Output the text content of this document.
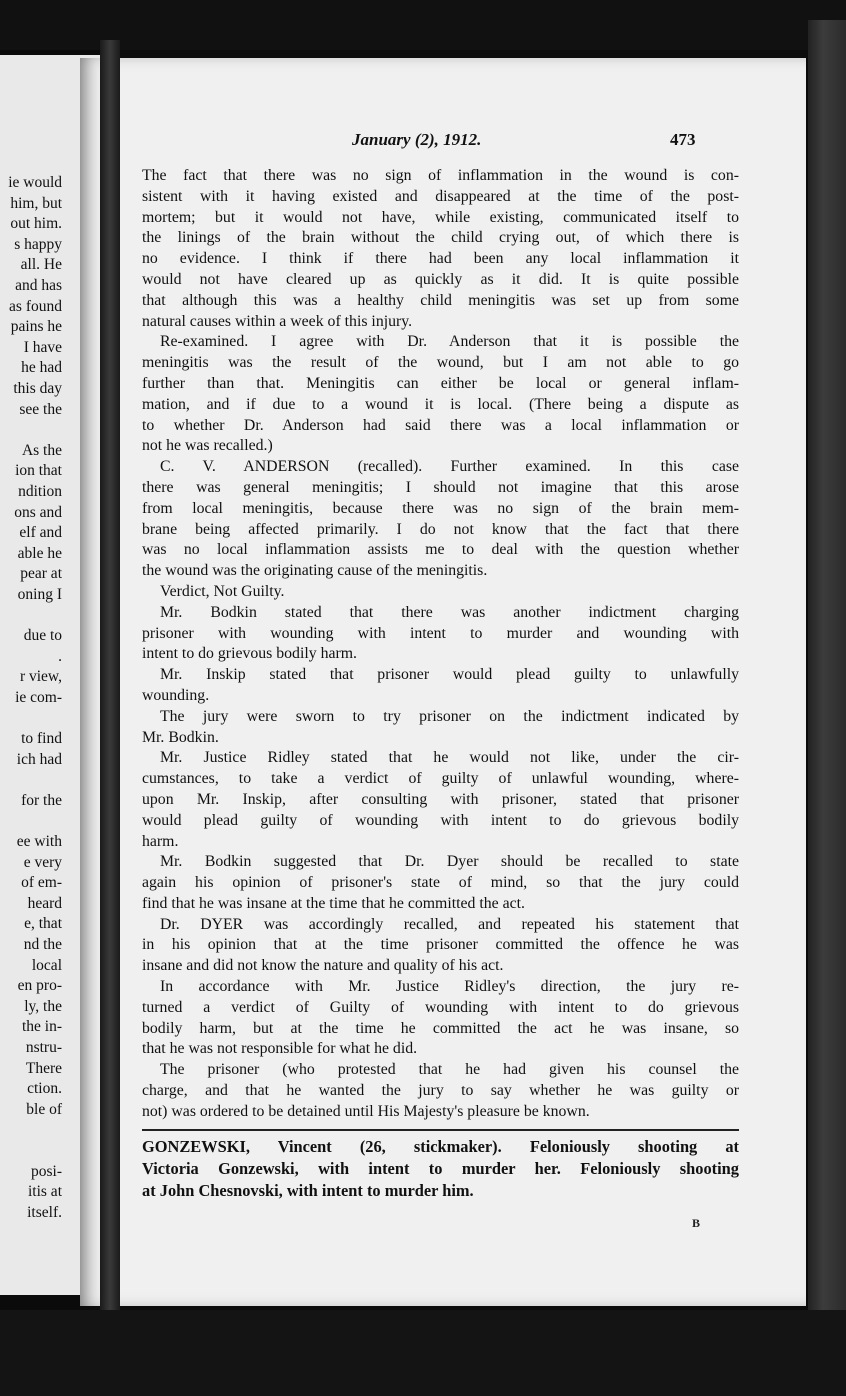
ie would
him, but
out him.
s happy
all. He
and has
as found
pains he
I have
he had
this day
see the
As the
ion that
ndition
ons and
elf and
able he
pear at
oning I
due to
.
r view,
ie com-
to find
ich had
for the
ee with
e very
of em-
heard
e, that
nd the
local
en pro-
ly, the
the in-
nstru-
There
ction.
ble of
posi-
itis at
itself.
January (2), 1912.	473
The fact that there was no sign of inflammation in the wound is con-
sistent with it having existed and disappeared at the time of the post-
mortem; but it would not have, while existing, communicated itself to
the linings of the brain without the child crying out, of which there is
no evidence. I think if there had been any local inflammation it
would not have cleared up as quickly as it did. It is quite possible
that although this was a healthy child meningitis was set up from some
natural causes within a week of this injury.
Re-examined. I agree with Dr. Anderson that it is possible the
meningitis was the result of the wound, but I am not able to go
further than that. Meningitis can either be local or general inflam-
mation, and if due to a wound it is local. (There being a dispute as
to whether Dr. Anderson had said there was a local inflammation or
not he was recalled.)
C. V. ANDERSON (recalled). Further examined. In this case
there was general meningitis; I should not imagine that this arose
from local meningitis, because there was no sign of the brain mem-
brane being affected primarily. I do not know that the fact that there
was no local inflammation assists me to deal with the question whether
the wound was the originating cause of the meningitis.
Verdict, Not Guilty.
Mr. Bodkin stated that there was another indictment charging
prisoner with wounding with intent to murder and wounding with
intent to do grievous bodily harm.
Mr. Inskip stated that prisoner would plead guilty to unlawfully
wounding.
The jury were sworn to try prisoner on the indictment indicated by
Mr. Bodkin.
Mr. Justice Ridley stated that he would not like, under the cir-
cumstances, to take a verdict of guilty of unlawful wounding, where-
upon Mr. Inskip, after consulting with prisoner, stated that prisoner
would plead guilty of wounding with intent to do grievous bodily
harm.
Mr. Bodkin suggested that Dr. Dyer should be recalled to state
again his opinion of prisoner's state of mind, so that the jury could
find that he was insane at the time that he committed the act.
Dr. DYER was accordingly recalled, and repeated his statement that
in his opinion that at the time prisoner committed the offence he was
insane and did not know the nature and quality of his act.
In accordance with Mr. Justice Ridley's direction, the jury re-
turned a verdict of Guilty of wounding with intent to do grievous
bodily harm, but at the time he committed the act he was insane, so
that he was not responsible for what he did.
The prisoner (who protested that he had given his counsel the
charge, and that he wanted the jury to say whether he was guilty or
not) was ordered to be detained until His Majesty's pleasure be known.
GONZEWSKI, Vincent (26, stickmaker). Feloniously shooting at
Victoria Gonzewski, with intent to murder her. Feloniously shooting
at John Chesnovski, with intent to murder him.
B
